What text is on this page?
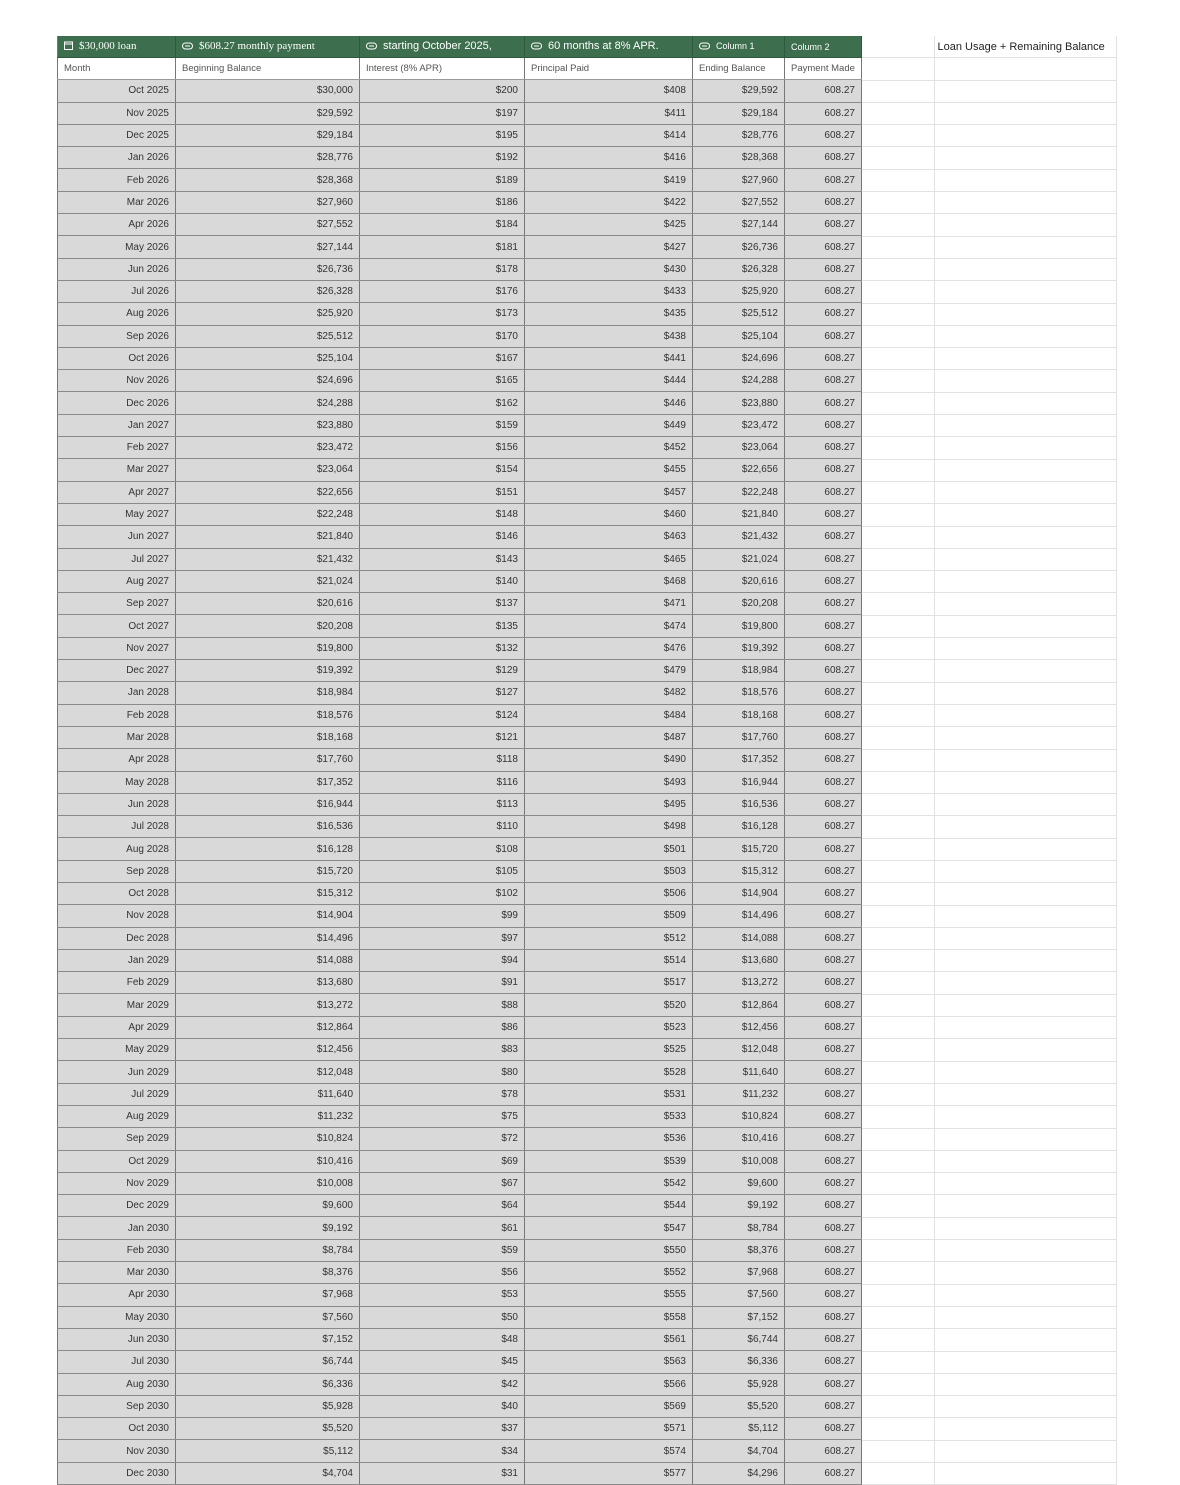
$30,000 loan	$608.27 monthly payment	starting October 2025,	60 months at 8% APR.	Column 1	Column 2
Month	Beginning Balance	Interest (8% APR)	Principal Paid	Ending Balance	Payment Made
Oct 2025	$30,000	$200	$408	$29,592	608.27
Nov 2025	$29,592	$197	$411	$29,184	608.27
Dec 2025	$29,184	$195	$414	$28,776	608.27
Jan 2026	$28,776	$192	$416	$28,368	608.27
Feb 2026	$28,368	$189	$419	$27,960	608.27
Mar 2026	$27,960	$186	$422	$27,552	608.27
Apr 2026	$27,552	$184	$425	$27,144	608.27
May 2026	$27,144	$181	$427	$26,736	608.27
Jun 2026	$26,736	$178	$430	$26,328	608.27
Jul 2026	$26,328	$176	$433	$25,920	608.27
Aug 2026	$25,920	$173	$435	$25,512	608.27
Sep 2026	$25,512	$170	$438	$25,104	608.27
Oct 2026	$25,104	$167	$441	$24,696	608.27
Nov 2026	$24,696	$165	$444	$24,288	608.27
Dec 2026	$24,288	$162	$446	$23,880	608.27
Jan 2027	$23,880	$159	$449	$23,472	608.27
Feb 2027	$23,472	$156	$452	$23,064	608.27
Mar 2027	$23,064	$154	$455	$22,656	608.27
Apr 2027	$22,656	$151	$457	$22,248	608.27
May 2027	$22,248	$148	$460	$21,840	608.27
Jun 2027	$21,840	$146	$463	$21,432	608.27
Jul 2027	$21,432	$143	$465	$21,024	608.27
Aug 2027	$21,024	$140	$468	$20,616	608.27
Sep 2027	$20,616	$137	$471	$20,208	608.27
Oct 2027	$20,208	$135	$474	$19,800	608.27
Nov 2027	$19,800	$132	$476	$19,392	608.27
Dec 2027	$19,392	$129	$479	$18,984	608.27
Jan 2028	$18,984	$127	$482	$18,576	608.27
Feb 2028	$18,576	$124	$484	$18,168	608.27
Mar 2028	$18,168	$121	$487	$17,760	608.27
Apr 2028	$17,760	$118	$490	$17,352	608.27
May 2028	$17,352	$116	$493	$16,944	608.27
Jun 2028	$16,944	$113	$495	$16,536	608.27
Jul 2028	$16,536	$110	$498	$16,128	608.27
Aug 2028	$16,128	$108	$501	$15,720	608.27
Sep 2028	$15,720	$105	$503	$15,312	608.27
Oct 2028	$15,312	$102	$506	$14,904	608.27
Nov 2028	$14,904	$99	$509	$14,496	608.27
Dec 2028	$14,496	$97	$512	$14,088	608.27
Jan 2029	$14,088	$94	$514	$13,680	608.27
Feb 2029	$13,680	$91	$517	$13,272	608.27
Mar 2029	$13,272	$88	$520	$12,864	608.27
Apr 2029	$12,864	$86	$523	$12,456	608.27
May 2029	$12,456	$83	$525	$12,048	608.27
Jun 2029	$12,048	$80	$528	$11,640	608.27
Jul 2029	$11,640	$78	$531	$11,232	608.27
Aug 2029	$11,232	$75	$533	$10,824	608.27
Sep 2029	$10,824	$72	$536	$10,416	608.27
Oct 2029	$10,416	$69	$539	$10,008	608.27
Nov 2029	$10,008	$67	$542	$9,600	608.27
Dec 2029	$9,600	$64	$544	$9,192	608.27
Jan 2030	$9,192	$61	$547	$8,784	608.27
Feb 2030	$8,784	$59	$550	$8,376	608.27
Mar 2030	$8,376	$56	$552	$7,968	608.27
Apr 2030	$7,968	$53	$555	$7,560	608.27
May 2030	$7,560	$50	$558	$7,152	608.27
Jun 2030	$7,152	$48	$561	$6,744	608.27
Jul 2030	$6,744	$45	$563	$6,336	608.27
Aug 2030	$6,336	$42	$566	$5,928	608.27
Sep 2030	$5,928	$40	$569	$5,520	608.27
Oct 2030	$5,520	$37	$571	$5,112	608.27
Nov 2030	$5,112	$34	$574	$4,704	608.27
Dec 2030	$4,704	$31	$577	$4,296	608.27
	Loan Usage + Remaining Balance
